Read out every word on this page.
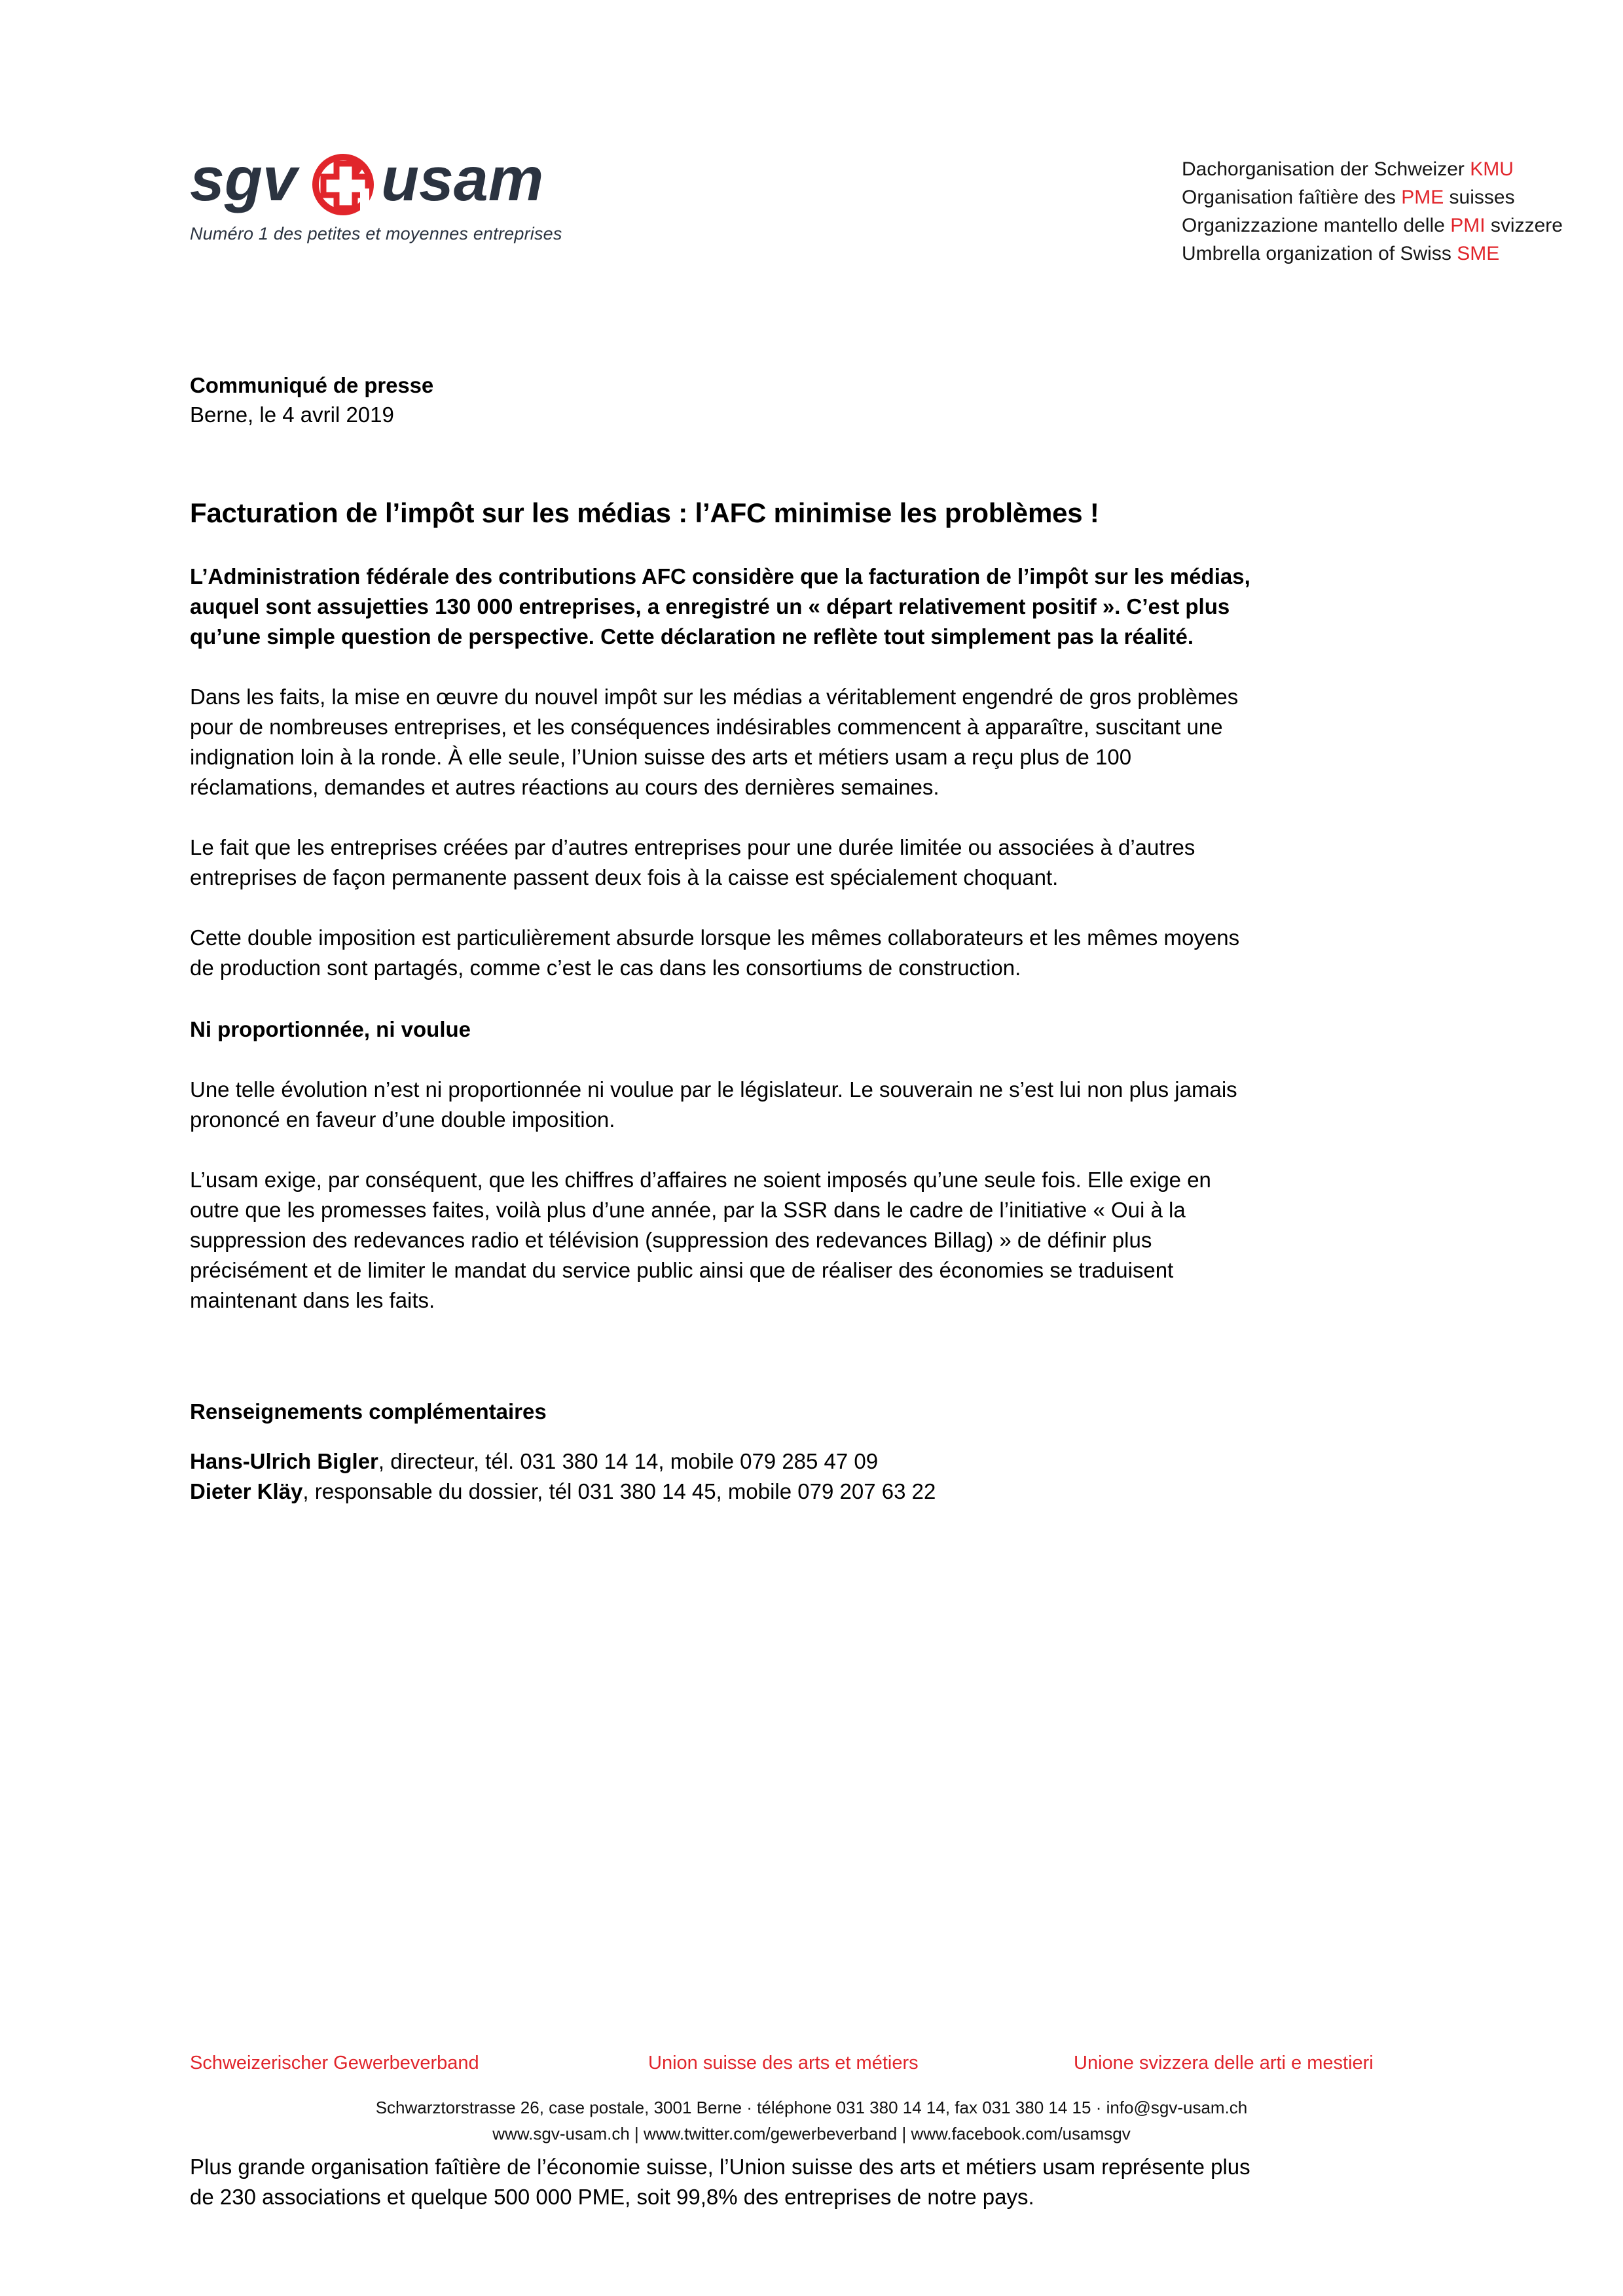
sgv usam
Numéro 1 des petites et moyennes entreprises
Dachorganisation der Schweizer KMU
Organisation faîtière des PME suisses
Organizzazione mantello delle PMI svizzere
Umbrella organization of Swiss SME
Communiqué de presse
Berne, le 4 avril 2019
Facturation de l’impôt sur les médias : l’AFC minimise les problèmes !

L’Administration fédérale des contributions AFC considère que la facturation de l’impôt sur les médias, auquel sont assujetties 130 000 entreprises, a enregistré un « départ relativement positif ». C’est plus qu’une simple question de perspective. Cette déclaration ne reflète tout simplement pas la réalité.

Dans les faits, la mise en œuvre du nouvel impôt sur les médias a véritablement engendré de gros problèmes pour de nombreuses entreprises, et les conséquences indésirables commencent à apparaître, suscitant une indignation loin à la ronde. À elle seule, l’Union suisse des arts et métiers usam a reçu plus de 100 réclamations, demandes et autres réactions au cours des dernières semaines.

Le fait que les entreprises créées par d’autres entreprises pour une durée limitée ou associées à d’autres entreprises de façon permanente passent deux fois à la caisse est spécialement choquant.

Cette double imposition est particulièrement absurde lorsque les mêmes collaborateurs et les mêmes moyens de production sont partagés, comme c’est le cas dans les consortiums de construction.

Ni proportionnée, ni voulue

Une telle évolution n’est ni proportionnée ni voulue par le législateur. Le souverain ne s’est lui non plus jamais prononcé en faveur d’une double imposition.

L’usam exige, par conséquent, que les chiffres d’affaires ne soient imposés qu’une seule fois. Elle exige en outre que les promesses faites, voilà plus d’une année, par la SSR dans le cadre de l’initiative « Oui à la suppression des redevances radio et télévision (suppression des redevances Billag) » de définir plus précisément et de limiter le mandat du service public ainsi que de réaliser des économies se traduisent maintenant dans les faits.

Renseignements complémentaires

Hans-Ulrich Bigler, directeur, tél. 031 380 14 14, mobile 079 285 47 09

Dieter Kläy, responsable du dossier, tél 031 380 14 45, mobile 079 207 63 22

Plus grande organisation faîtière de l’économie suisse, l’Union suisse des arts et métiers usam représente plus de 230 associations et quelque 500 000 PME, soit 99,8% des entreprises de notre pays.

Schweizerischer Gewerbeverband	Union suisse des arts et métiers	Unione svizzera delle arti e mestieri
Schwarztorstrasse 26, case postale, 3001 Berne · téléphone 031 380 14 14, fax 031 380 14 15 · info@sgv-usam.ch
www.sgv-usam.ch | www.twitter.com/gewerbeverband | www.facebook.com/usamsgv
